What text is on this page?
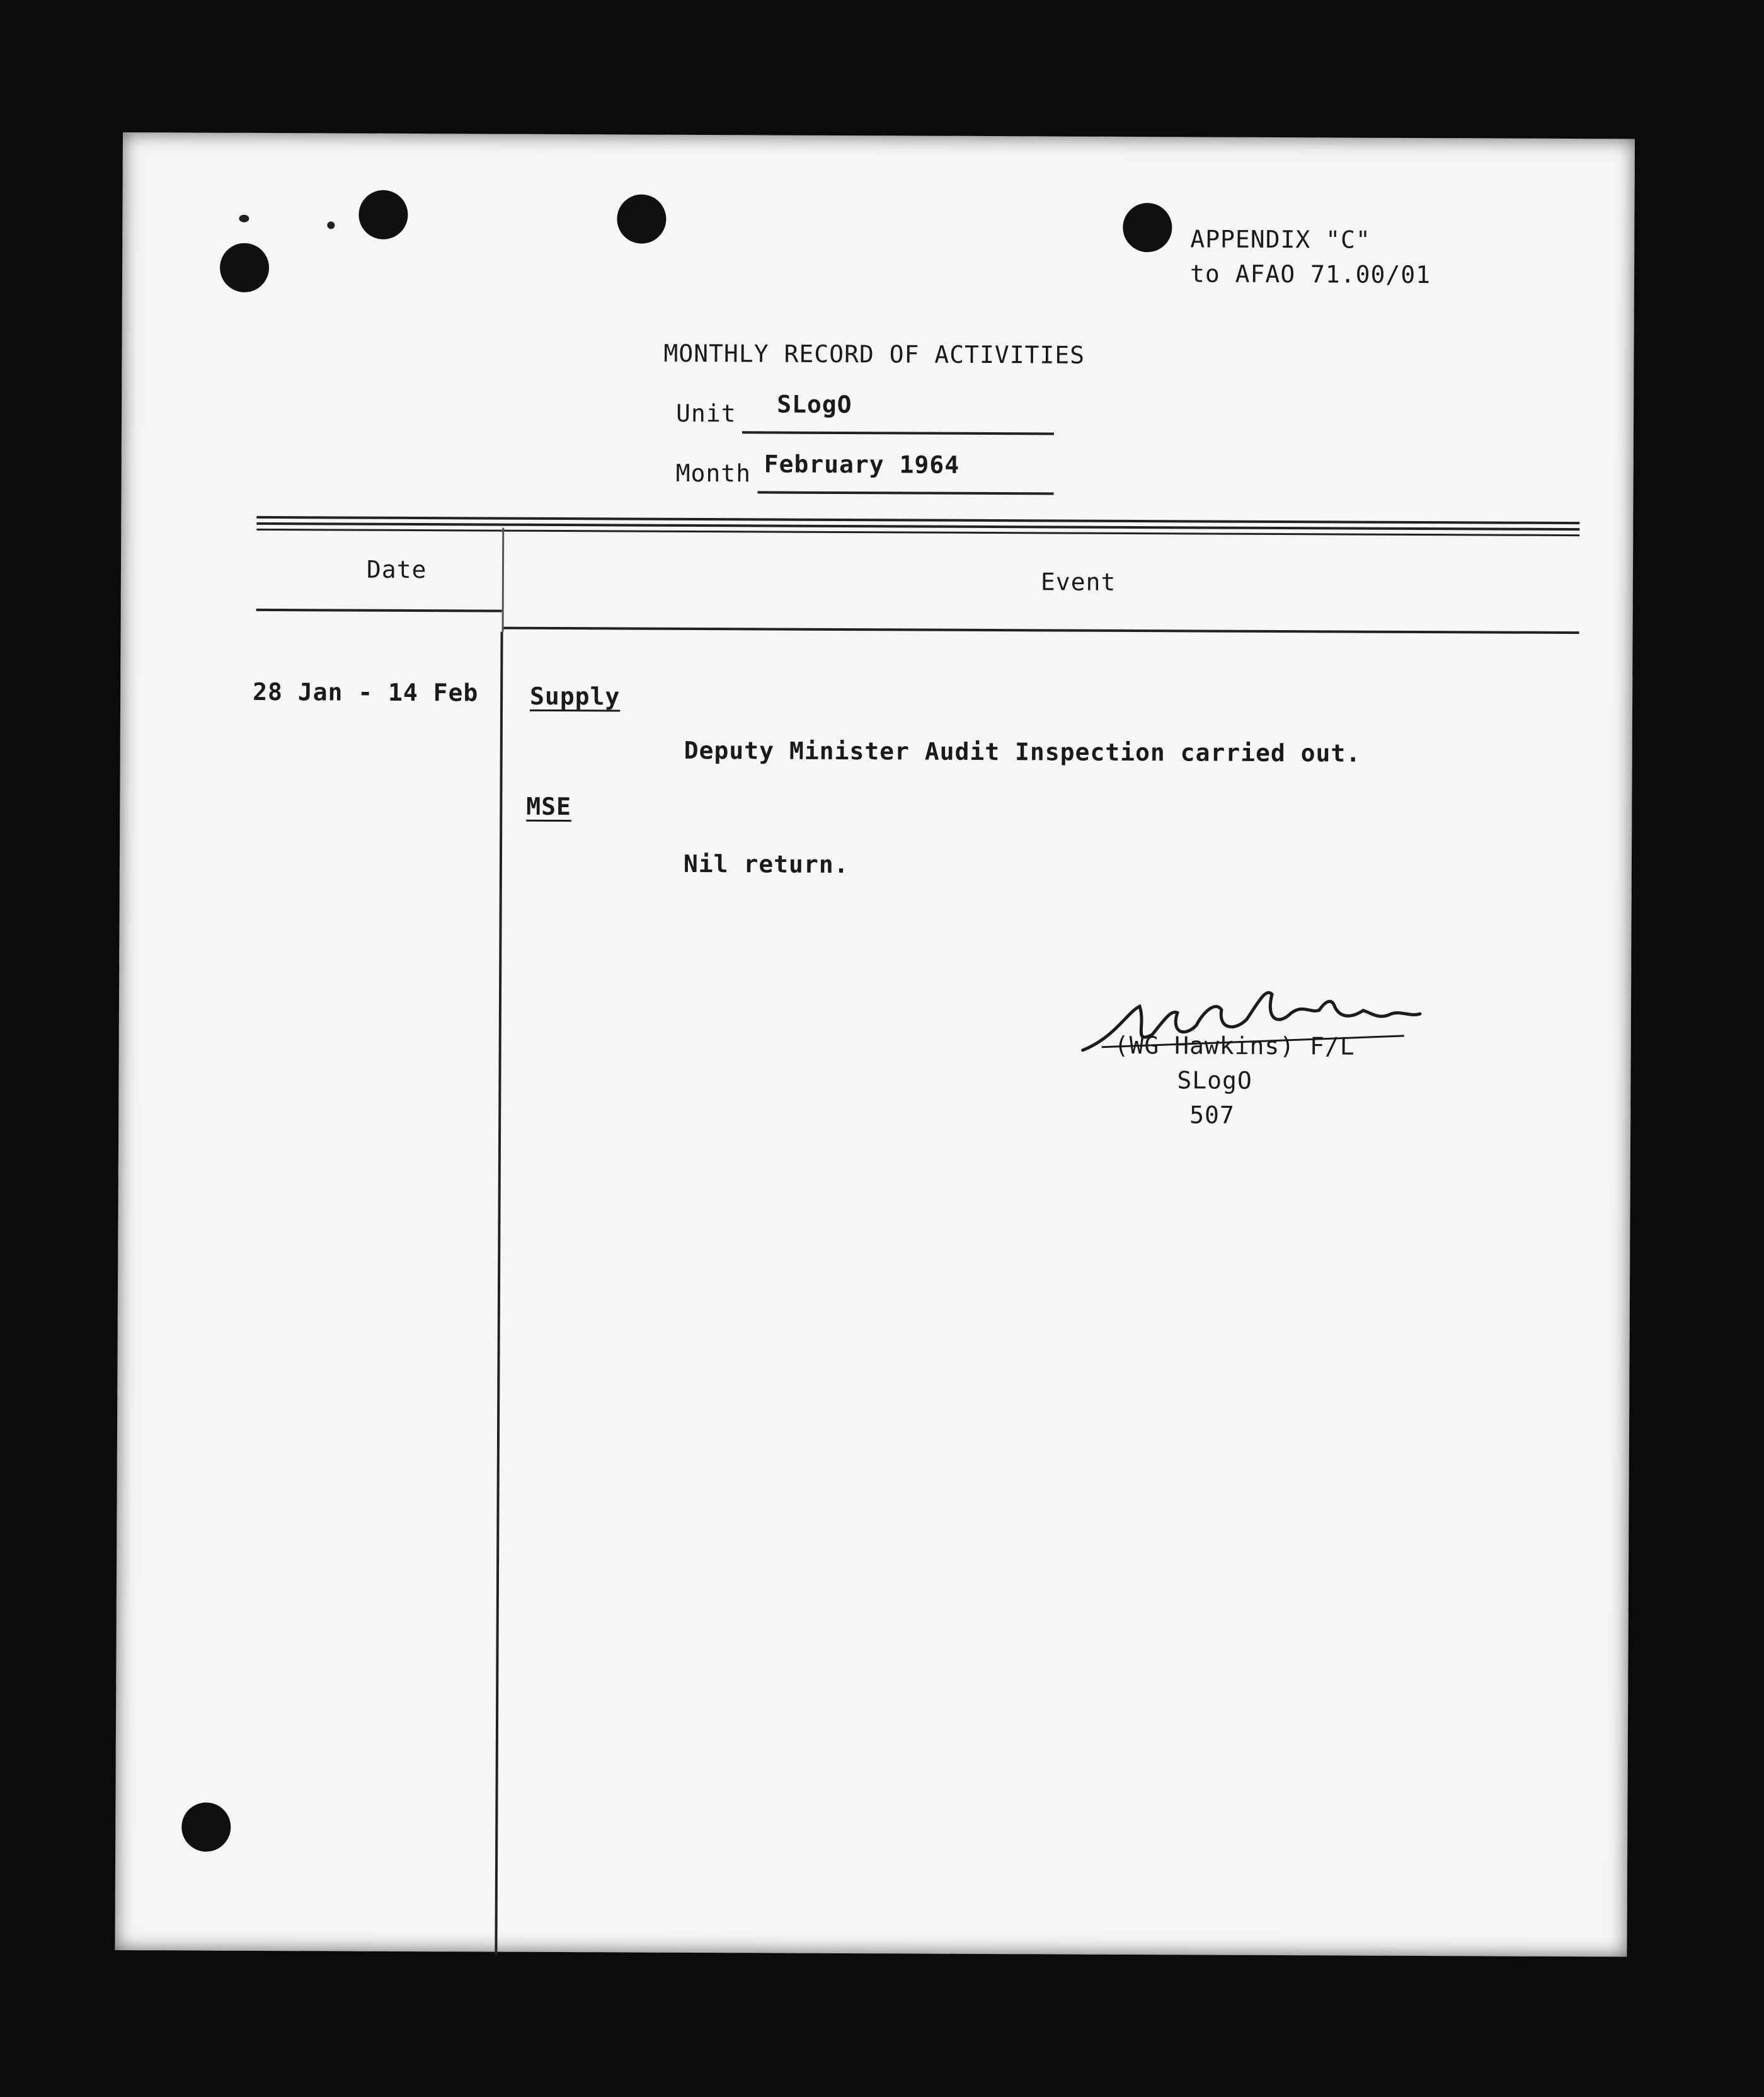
APPENDIX "C"
to AFAO 71.00/01
MONTHLY RECORD OF ACTIVITIES
Unit SLogO
Month February 1964
Date	Event
28 Jan - 14 Feb Supply
Deputy Minister Audit Inspection carried out.
MSE
Nil return.
(WG Hawkins) F/L
SLogO
507
